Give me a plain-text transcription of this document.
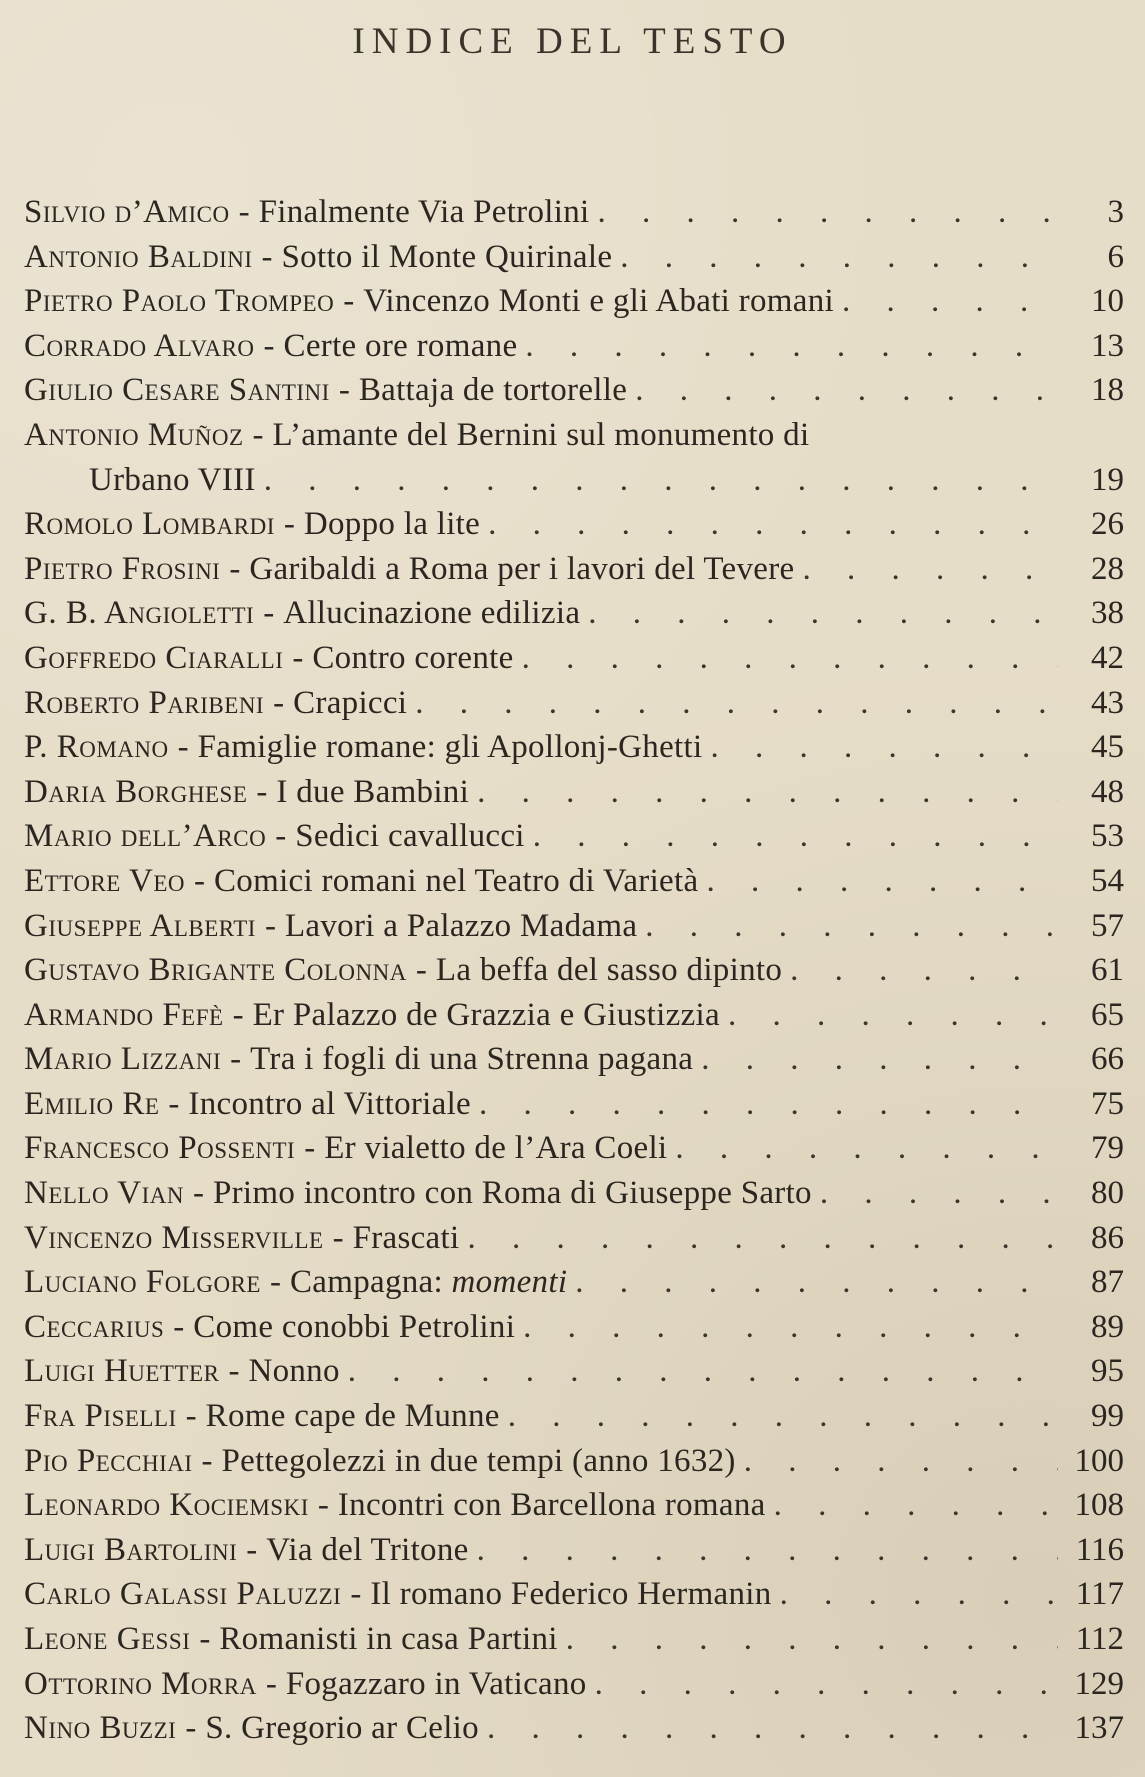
INDICE DEL TESTO
Silvio d’Amico - Finalmente Via Petrolini . . .	3
Antonio Baldini - Sotto il Monte Quirinale . . .	6
Pietro Paolo Trompeo - Vincenzo Monti e gli Abati romani . . .	10
Corrado Alvaro - Certe ore romane . . .	13
Giulio Cesare Santini - Battaja de tortorelle . . .	18
Antonio Muñoz - L’amante del Bernini sul monumento di
Urbano VIII . . .	19
Romolo Lombardi - Doppo la lite . . .	26
Pietro Frosini - Garibaldi a Roma per i lavori del Tevere . . .	28
G. B. Angioletti - Allucinazione edilizia . . .	38
Goffredo Ciaralli - Contro corente . . .	42
Roberto Paribeni - Crapicci . . .	43
P. Romano - Famiglie romane: gli Apollonj-Ghetti . . .	45
Daria Borghese - I due Bambini . . .	48
Mario dell’Arco - Sedici cavallucci . . .	53
Ettore Veo - Comici romani nel Teatro di Varietà . . .	54
Giuseppe Alberti - Lavori a Palazzo Madama . . .	57
Gustavo Brigante Colonna - La beffa del sasso dipinto . . .	61
Armando Fefè - Er Palazzo de Grazzia e Giustizzia . . .	65
Mario Lizzani - Tra i fogli di una Strenna pagana . . .	66
Emilio Re - Incontro al Vittoriale . . .	75
Francesco Possenti - Er vialetto de l’Ara Coeli . . .	79
Nello Vian - Primo incontro con Roma di Giuseppe Sarto . . .	80
Vincenzo Misserville - Frascati . . .	86
Luciano Folgore - Campagna: momenti . . .	87
Ceccarius - Come conobbi Petrolini . . .	89
Luigi Huetter - Nonno . . .	95
Fra Piselli - Rome cape de Munne . . .	99
Pio Pecchiai - Pettegolezzi in due tempi (anno 1632) . . .	100
Leonardo Kociemski - Incontri con Barcellona romana . . .	108
Luigi Bartolini - Via del Tritone . . .	116
Carlo Galassi Paluzzi - Il romano Federico Hermanin . . .	117
Leone Gessi - Romanisti in casa Partini . . .	112
Ottorino Morra - Fogazzaro in Vaticano . . .	129
Nino Buzzi - S. Gregorio ar Celio . . .	137
